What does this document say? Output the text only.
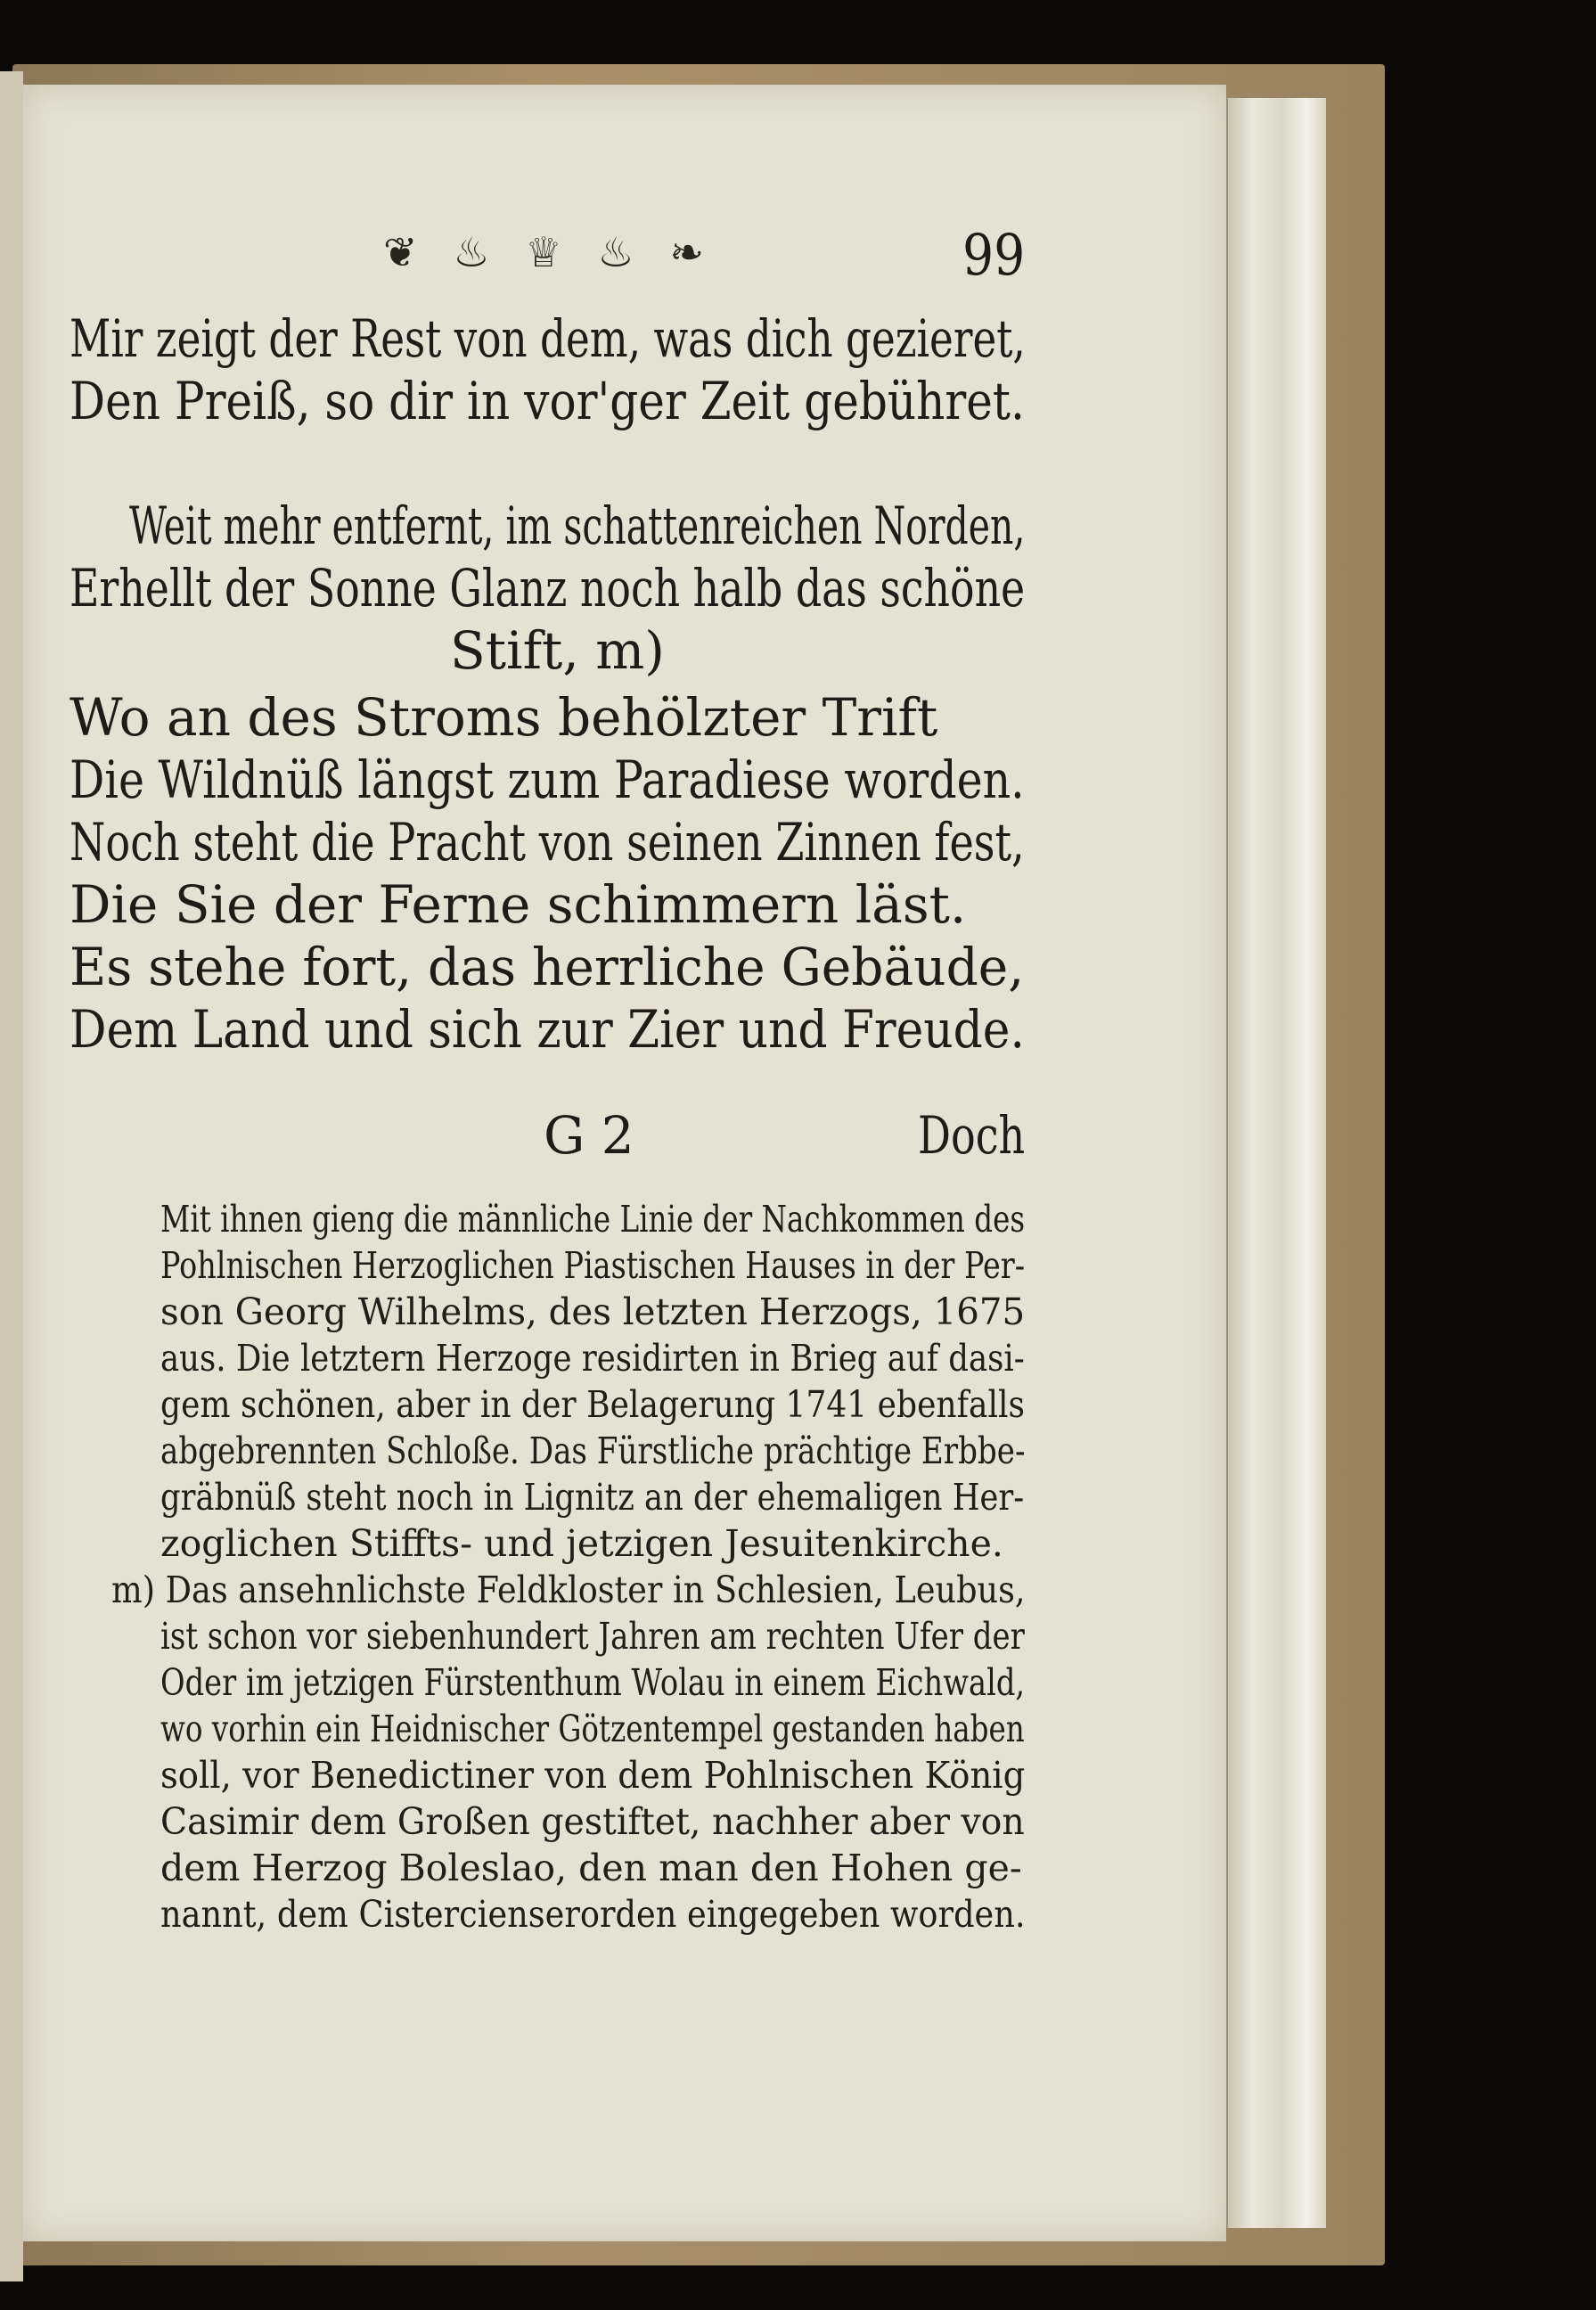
❦ ♨ ♕ ♨ ❧	99
Mir zeigt der Rest von dem, was dich gezieret,
Den Preiß, so dir in vor'ger Zeit gebühret.
Weit mehr entfernt, im schattenreichen Norden,
Erhellt der Sonne Glanz noch halb das schöne
Stift, m)
Wo an des Stroms behölzter Trift
Die Wildnüß längst zum Paradiese worden.
Noch steht die Pracht von seinen Zinnen fest,
Die Sie der Ferne schimmern läst.
Es stehe fort, das herrliche Gebäude,
Dem Land und sich zur Zier und Freude.
G 2	Doch
Mit ihnen gieng die männliche Linie der Nachkommen des
Pohlnischen Herzoglichen Piastischen Hauses in der Per-
son Georg Wilhelms, des letzten Herzogs, 1675
aus. Die letztern Herzoge residirten in Brieg auf dasi-
gem schönen, aber in der Belagerung 1741 ebenfalls
abgebrennten Schloße. Das Fürstliche prächtige Erbbe-
gräbnüß steht noch in Lignitz an der ehemaligen Her-
zoglichen Stiffts- und jetzigen Jesuitenkirche.
m) Das ansehnlichste Feldkloster in Schlesien, Leubus,
ist schon vor siebenhundert Jahren am rechten Ufer der
Oder im jetzigen Fürstenthum Wolau in einem Eichwald,
wo vorhin ein Heidnischer Götzentempel gestanden haben
soll, vor Benedictiner von dem Pohlnischen König
Casimir dem Großen gestiftet, nachher aber von
dem Herzog Boleslao, den man den Hohen ge-
nannt, dem Cistercienserorden eingegeben worden.
